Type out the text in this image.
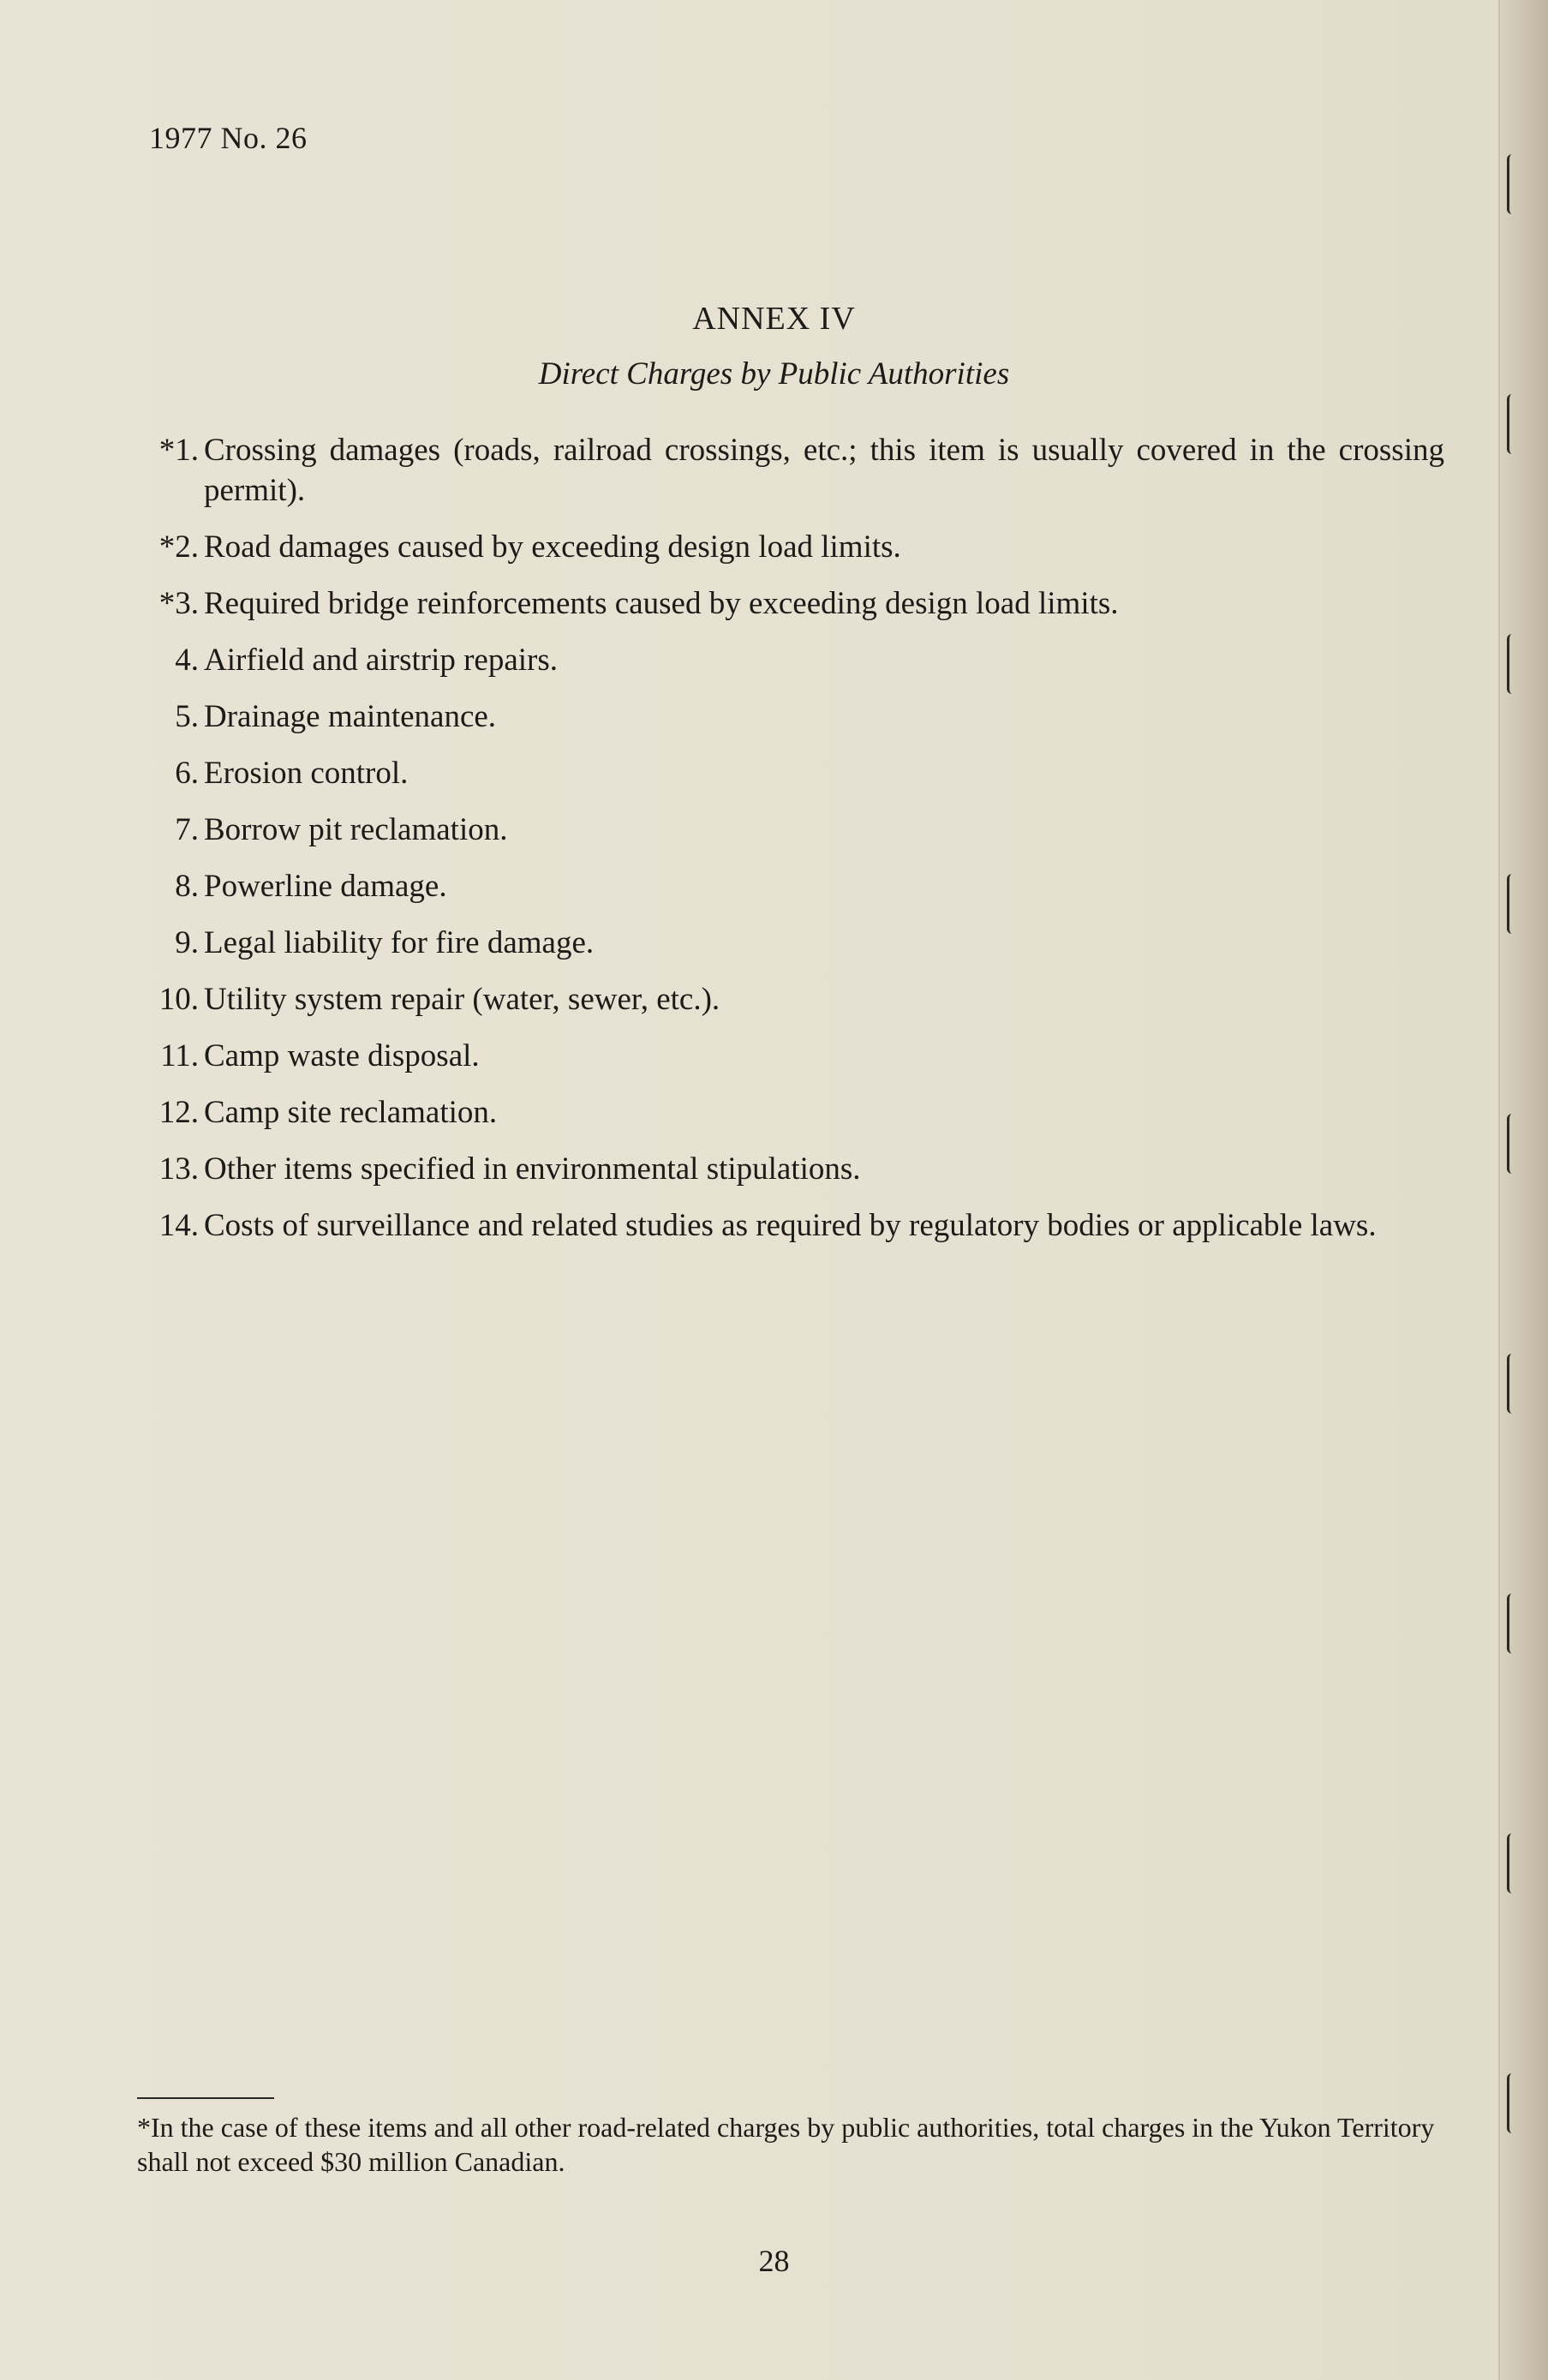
1977 No. 26
ANNEX IV
Direct Charges by Public Authorities
*1. Crossing damages (roads, railroad crossings, etc.; this item is usually covered in the crossing permit).
*2. Road damages caused by exceeding design load limits.
*3. Required bridge reinforcements caused by exceeding design load limits.
4. Airfield and airstrip repairs.
5. Drainage maintenance.
6. Erosion control.
7. Borrow pit reclamation.
8. Powerline damage.
9. Legal liability for fire damage.
10. Utility system repair (water, sewer, etc.).
11. Camp waste disposal.
12. Camp site reclamation.
13. Other items specified in environmental stipulations.
14. Costs of surveillance and related studies as required by regulatory bodies or applicable laws.
*In the case of these items and all other road-related charges by public authorities, total charges in the Yukon Territory shall not exceed $30 million Canadian.
28
